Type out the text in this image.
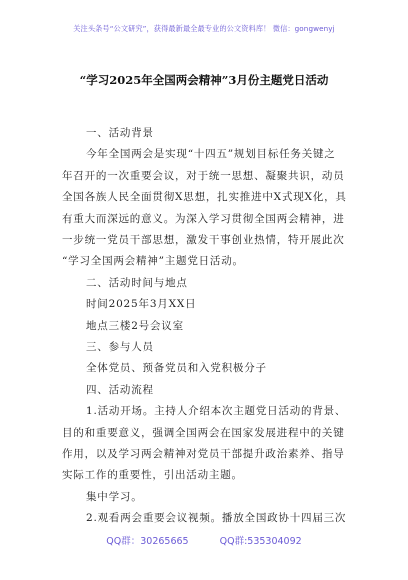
关注头条号“公文研究”，获得最新最全最专业的公文资料库！ 微信：gongwenyj
“学习2025年全国两会精神”3月份主题党日活动
一、活动背景
今年全国两会是实现“十四五”规划目标任务关键之
年召开的一次重要会议，对于统一思想、凝聚共识，动员
全国各族人民全面贯彻X思想，扎实推进中X式现X化，具
有重大而深远的意义。为深入学习贯彻全国两会精神，进
一步统一党员干部思想，激发干事创业热情，特开展此次
“学习全国两会精神”主题党日活动。
二、活动时间与地点
时间2025年3月XX日
地点三楼2号会议室
三、参与人员
全体党员、预备党员和入党积极分子
四、活动流程
1.活动开场。主持人介绍本次主题党日活动的背景、
目的和重要意义，强调全国两会在国家发展进程中的关键
作用，以及学习两会精神对党员干部提升政治素养、指导
实际工作的重要性，引出活动主题。
QQ群：30265665	QQ群:535304092
集中学习。
2.观看两会重要会议视频。播放全国政协十四届三次
